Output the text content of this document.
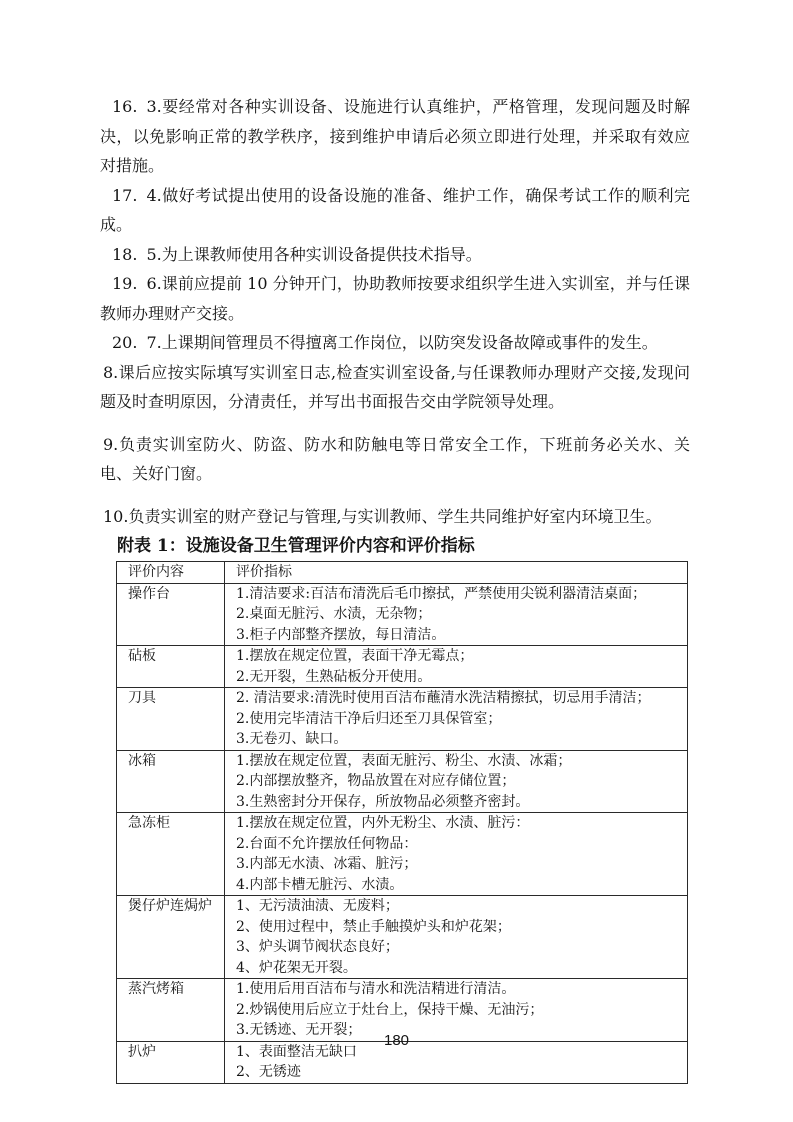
16. 3.要经常对各种实训设备、设施进行认真维护，严格管理，发现问题及时解决，以免影响正常的教学秩序，接到维护申请后必须立即进行处理，并采取有效应对措施。

17. 4.做好考试提出使用的设备设施的准备、维护工作，确保考试工作的顺利完成。

18. 5.为上课教师使用各种实训设备提供技术指导。

19. 6.课前应提前 10 分钟开门，协助教师按要求组织学生进入实训室，并与任课教师办理财产交接。

20. 7.上课期间管理员不得擅离工作岗位，以防突发设备故障或事件的发生。

8.课后应按实际填写实训室日志,检查实训室设备,与任课教师办理财产交接,发现问题及时查明原因，分清责任，并写出书面报告交由学院领导处理。

9.负责实训室防火、防盗、防水和防触电等日常安全工作，下班前务必关水、关电、关好门窗。

10.负责实训室的财产登记与管理,与实训教师、学生共同维护好室内环境卫生。

附表 1：设施设备卫生管理评价内容和评价指标
评价内容	评价指标
操作台	1.清洁要求:百洁布清洗后毛巾擦拭，严禁使用尖锐利器清洁桌面；
2.桌面无脏污、水渍，无杂物；
3.柜子内部整齐摆放，每日清洁。
砧板	1.摆放在规定位置，表面干净无霉点；
2.无开裂，生熟砧板分开使用。
刀具	2. 清洁要求:清洗时使用百洁布蘸清水洗洁精擦拭，切忌用手清洁；
2.使用完毕清洁干净后归还至刀具保管室；
3.无卷刃、缺口。
冰箱	1.摆放在规定位置，表面无脏污、粉尘、水渍、冰霜；
2.内部摆放整齐，物品放置在对应存储位置；
3.生熟密封分开保存，所放物品必须整齐密封。
急冻柜	1.摆放在规定位置，内外无粉尘、水渍、脏污：
2.台面不允许摆放任何物品：
3.内部无水渍、冰霜、脏污；
4.内部卡槽无脏污、水渍。
煲仔炉连焗炉	1、无污渍油渍、无废料；
2、使用过程中，禁止手触摸炉头和炉花架；
3、炉头调节阀状态良好；
4、炉花架无开裂。
蒸汽烤箱	1.使用后用百洁布与清水和洗洁精进行清洁。
2.炒锅使用后应立于灶台上，保持干燥、无油污；
3.无锈迹、无开裂；
扒炉	1、表面整洁无缺口
2、无锈迹
180
